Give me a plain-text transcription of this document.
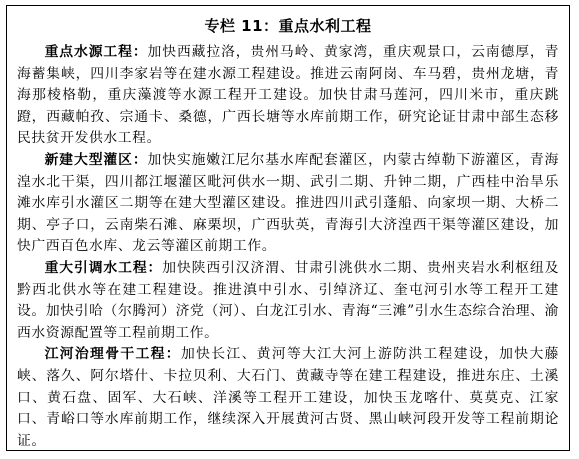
专栏 11：重点水利工程

重点水源工程：加快西藏拉洛，贵州马岭、黄家湾，重庆观景口，云南德厚，青海蓄集峡，四川李家岩等在建水源工程建设。推进云南阿岗、车马碧，贵州龙塘，青海那棱格勒，重庆藻渡等水源工程开工建设。加快甘肃马莲河，四川米市，重庆跳蹬，西藏帕孜、宗通卡、桑德，广西长塘等水库前期工作，研究论证甘肃中部生态移民扶贫开发供水工程。

新建大型灌区：加快实施嫩江尼尔基水库配套灌区，内蒙古绰勒下游灌区，青海湟水北干渠，四川都江堰灌区毗河供水一期、武引二期、升钟二期，广西桂中治旱乐滩水库引水灌区二期等在建大型灌区建设。推进四川武引蓬船、向家坝一期、大桥二期、亭子口，云南柴石滩、麻栗坝，广西驮英，青海引大济湟西干渠等灌区建设，加快广西百色水库、龙云等灌区前期工作。

重大引调水工程：加快陕西引汉济渭、甘肃引洮供水二期、贵州夹岩水利枢纽及黔西北供水等在建工程建设。推进滇中引水、引绰济辽、奎屯河引水等工程开工建设。加快引哈（尔腾河）济党（河）、白龙江引水、青海“三滩”引水生态综合治理、渝西水资源配置等工程前期工作。

江河治理骨干工程：加快长江、黄河等大江大河上游防洪工程建设，加快大藤峡、落久、阿尔塔什、卡拉贝利、大石门、黄藏寺等在建工程建设，推进东庄、土溪口、黄石盘、固军、大石峡、洋溪等工程开工建设，加快玉龙喀什、莫莫克、江家口、青峪口等水库前期工作，继续深入开展黄河古贤、黑山峡河段开发等工程前期论证。
